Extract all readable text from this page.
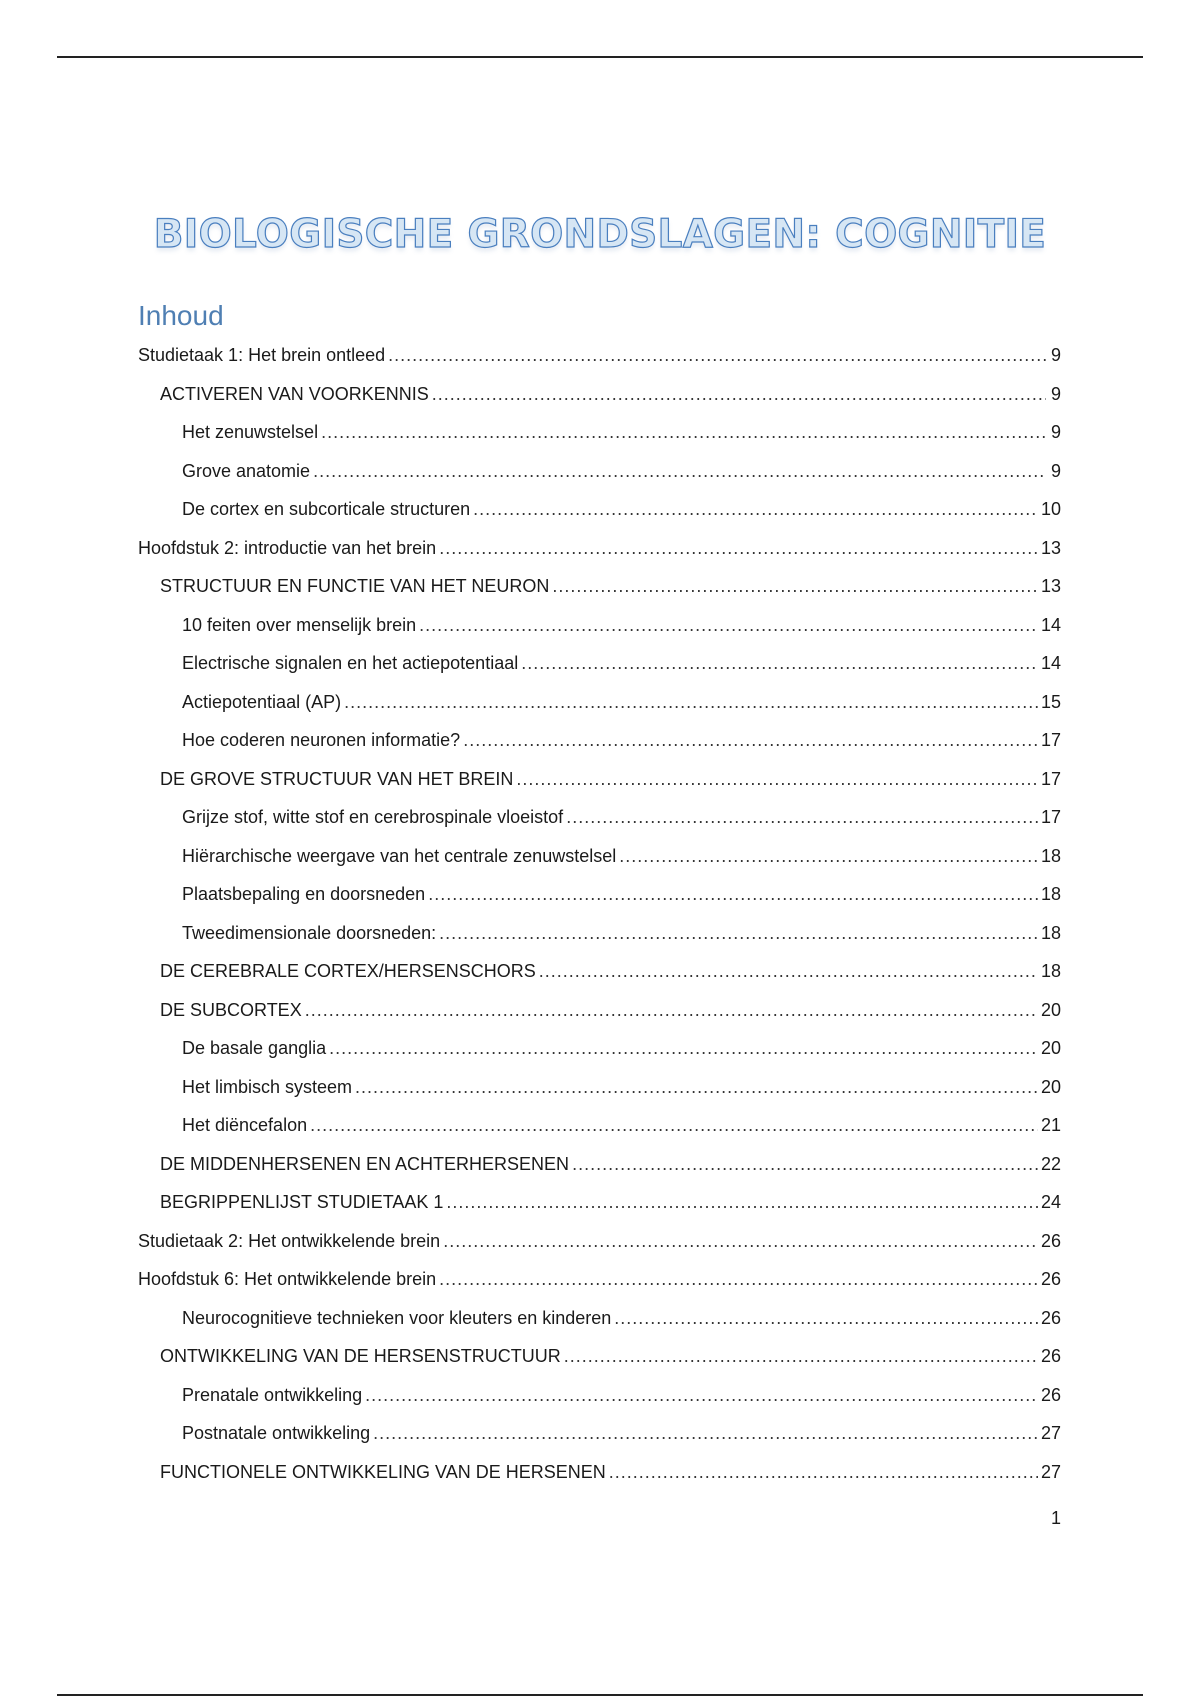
BIOLOGISCHE GRONDSLAGEN: COGNITIE
Inhoud
Studietaak 1: Het brein ontleed .....	9
ACTIVEREN VAN VOORKENNIS .....	9
Het zenuwstelsel .....	9
Grove anatomie .....	9
De cortex en subcorticale structuren .....	10
Hoofdstuk 2: introductie van het brein .....	13
STRUCTUUR EN FUNCTIE VAN HET NEURON .....	13
10 feiten over menselijk brein .....	14
Electrische signalen en het actiepotentiaal .....	14
Actiepotentiaal (AP) .....	15
Hoe coderen neuronen informatie? .....	17
DE GROVE STRUCTUUR VAN HET BREIN .....	17
Grijze stof, witte stof en cerebrospinale vloeistof .....	17
Hiërarchische weergave van het centrale zenuwstelsel .....	18
Plaatsbepaling en doorsneden .....	18
Tweedimensionale doorsneden: .....	18
DE CEREBRALE CORTEX/HERSENSCHORS .....	18
DE SUBCORTEX .....	20
De basale ganglia .....	20
Het limbisch systeem .....	20
Het diëncefalon .....	21
DE MIDDENHERSENEN EN ACHTERHERSENEN .....	22
BEGRIPPENLIJST STUDIETAAK 1 .....	24
Studietaak 2: Het ontwikkelende brein .....	26
Hoofdstuk 6: Het ontwikkelende brein .....	26
Neurocognitieve technieken voor kleuters en kinderen .....	26
ONTWIKKELING VAN DE HERSENSTRUCTUUR .....	26
Prenatale ontwikkeling .....	26
Postnatale ontwikkeling .....	27
FUNCTIONELE ONTWIKKELING VAN DE HERSENEN .....	27
1
